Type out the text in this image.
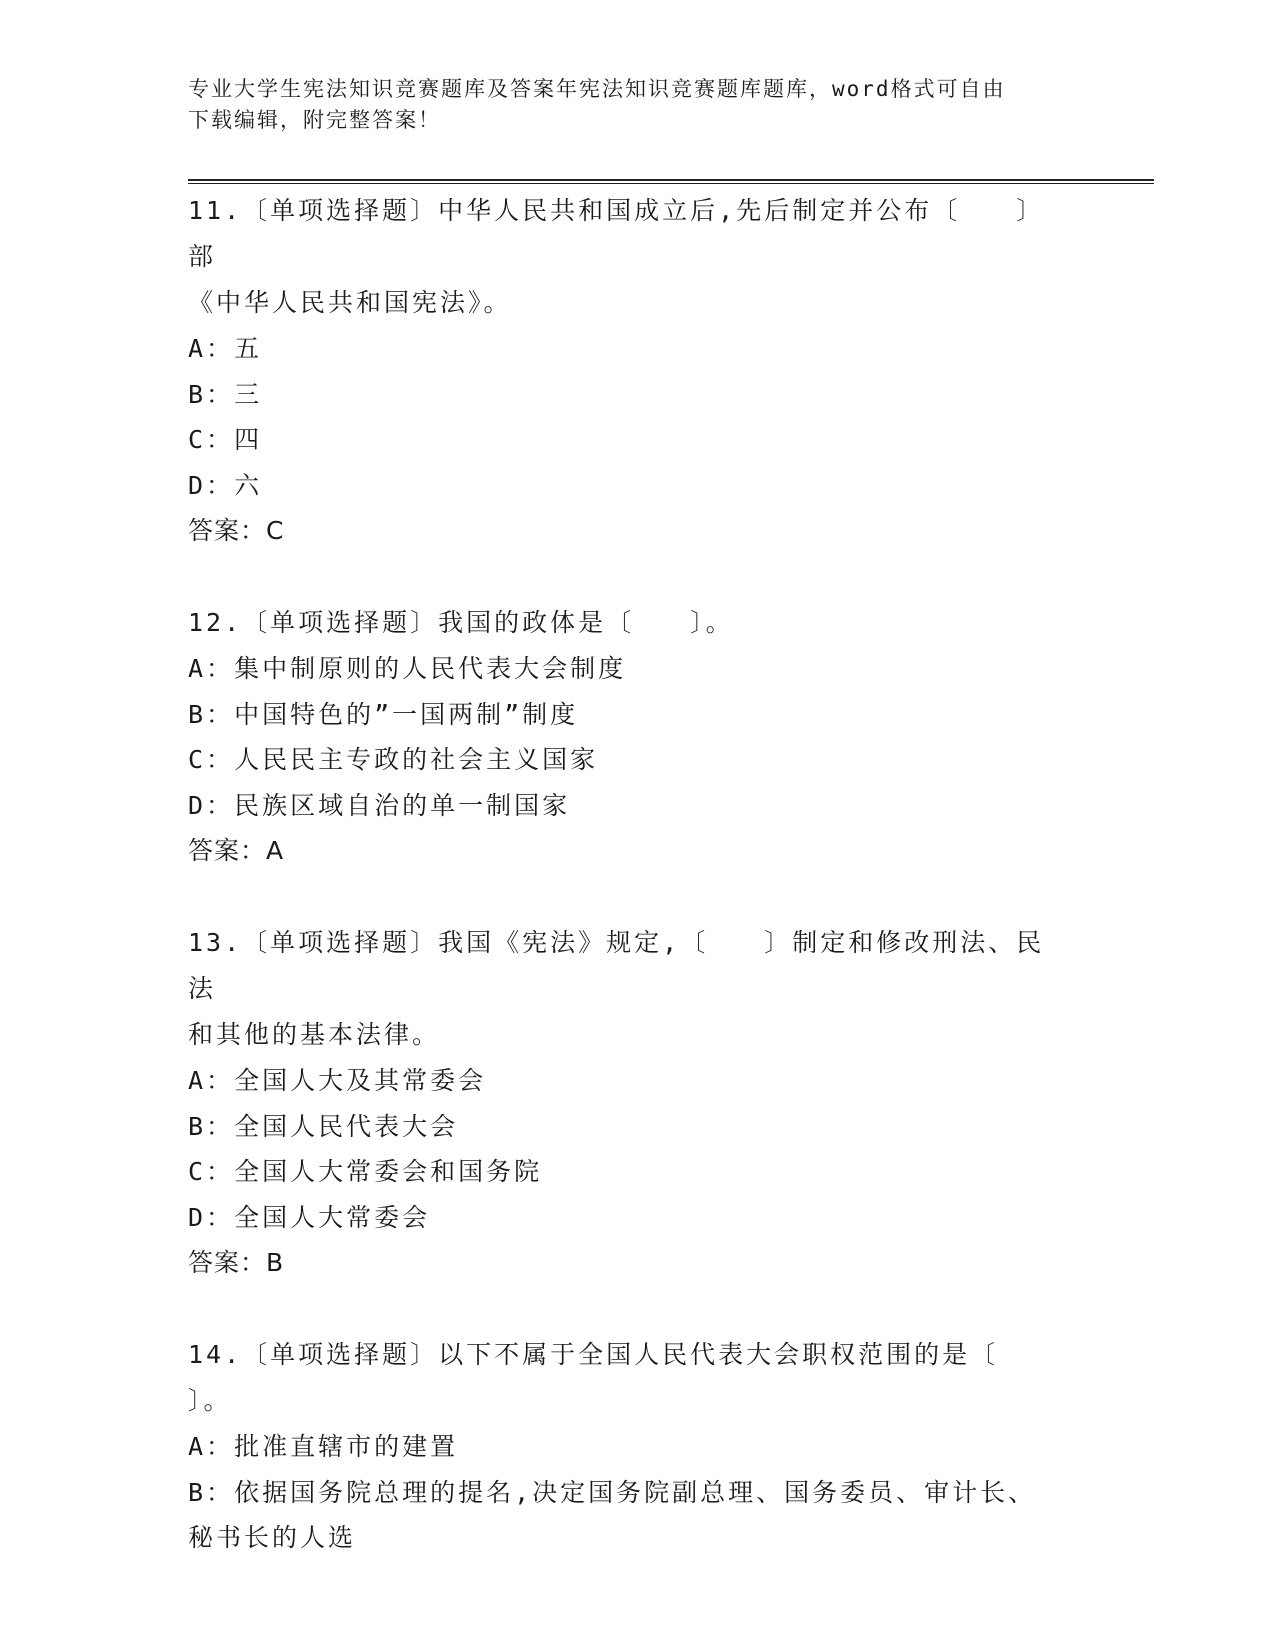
专业大学生宪法知识竞赛题库及答案年宪法知识竞赛题库题库，word格式可自由
下载编辑，附完整答案！
11.〔单项选择题〕中华人民共和国成立后,先后制定并公布〔　　〕部
《中华人民共和国宪法》。
A：五
B：三
C：四
D：六
答案：C
12.〔单项选择题〕我国的政体是〔　　〕。
A：集中制原则的人民代表大会制度
B：中国特色的”一国两制”制度
C：人民民主专政的社会主义国家
D：民族区域自治的单一制国家
答案：A
13.〔单项选择题〕我国《宪法》规定,〔　　〕制定和修改刑法、民法
和其他的基本法律。
A：全国人大及其常委会
B：全国人民代表大会
C：全国人大常委会和国务院
D：全国人大常委会
答案：B
14.〔单项选择题〕以下不属于全国人民代表大会职权范围的是〔
〕。
A：批准直辖市的建置
B：依据国务院总理的提名,决定国务院副总理、国务委员、审计长、
秘书长的人选
